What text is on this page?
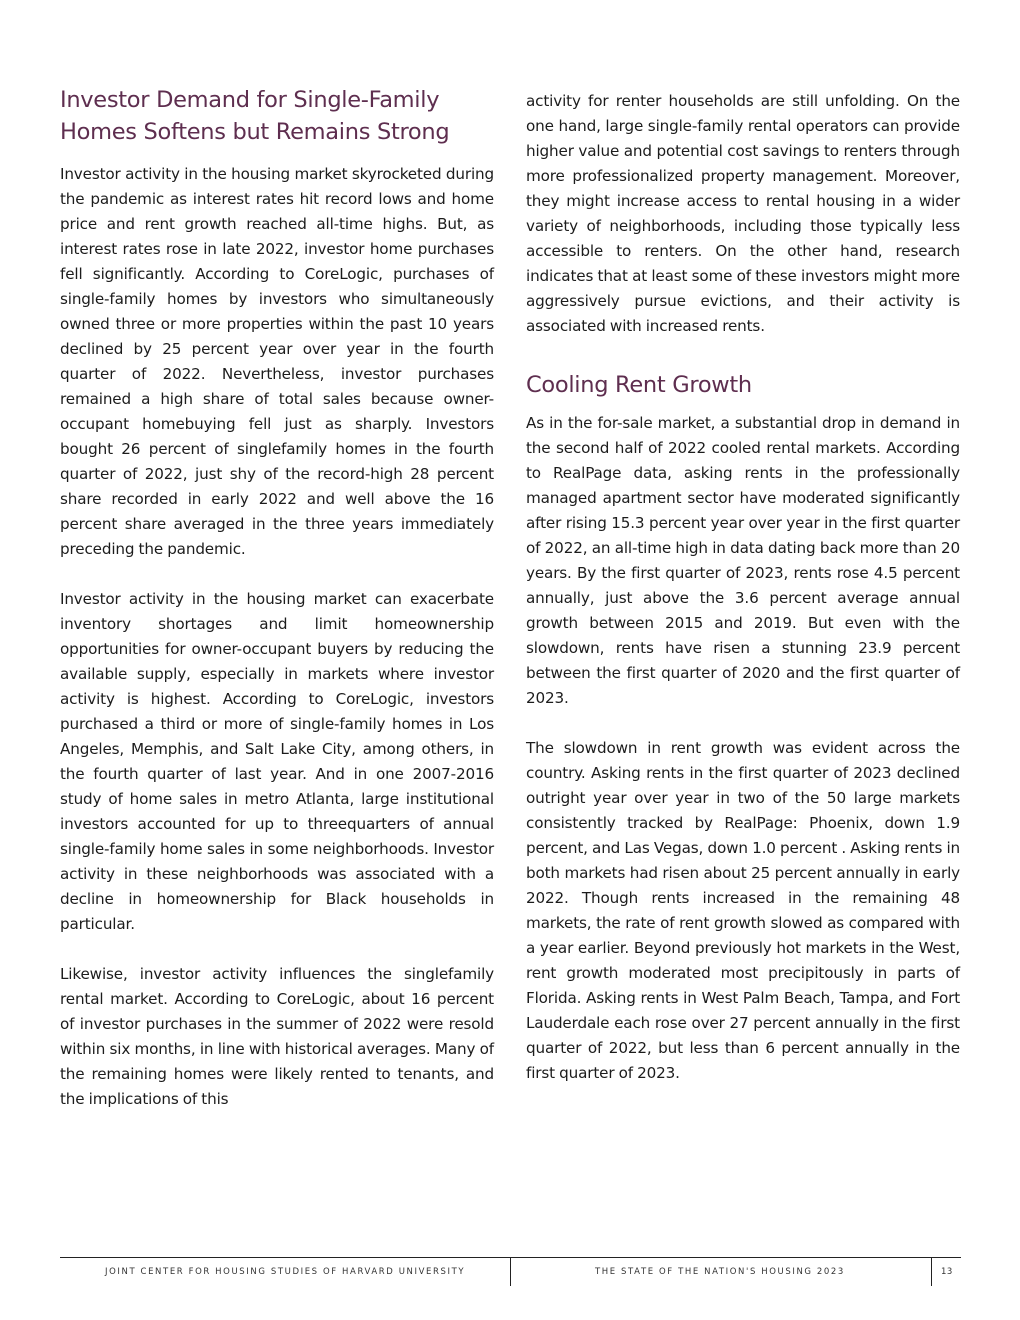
Investor Demand for Single-Family Homes Softens but Remains Strong

Investor activity in the housing market skyrocketed during the pandemic as interest rates hit record lows and home price and rent growth reached all-time highs. But, as interest rates rose in late 2022, investor home purchases fell significantly. According to CoreLogic, purchases of single-family homes by investors who simultaneously owned three or more properties within the past 10 years declined by 25 percent year over year in the fourth quarter of 2022. Nevertheless, investor purchases remained a high share of total sales because owner-occupant homebuying fell just as sharply. Investors bought 26 percent of singlefamily homes in the fourth quarter of 2022, just shy of the record-high 28 percent share recorded in early 2022 and well above the 16 percent share averaged in the three years immediately preceding the pandemic.

Investor activity in the housing market can exacerbate inventory shortages and limit homeownership opportunities for owner-occupant buyers by reducing the available supply, especially in markets where investor activity is highest. According to CoreLogic, investors purchased a third or more of single-family homes in Los Angeles, Memphis, and Salt Lake City, among others, in the fourth quarter of last year. And in one 2007-2016 study of home sales in metro Atlanta, large institutional investors accounted for up to threequarters of annual single-family home sales in some neighborhoods. Investor activity in these neighborhoods was associated with a decline in homeownership for Black households in particular.

Likewise, investor activity influences the singlefamily rental market. According to CoreLogic, about 16 percent of investor purchases in the summer of 2022 were resold within six months, in line with historical averages. Many of the remaining homes were likely rented to tenants, and the implications of this

activity for renter households are still unfolding. On the one hand, large single-family rental operators can provide higher value and potential cost savings to renters through more professionalized property management. Moreover, they might increase access to rental housing in a wider variety of neighborhoods, including those typically less accessible to renters. On the other hand, research indicates that at least some of these investors might more aggressively pursue evictions, and their activity is associated with increased rents.

Cooling Rent Growth

As in the for-sale market, a substantial drop in demand in the second half of 2022 cooled rental markets. According to RealPage data, asking rents in the professionally managed apartment sector have moderated significantly after rising 15.3 percent year over year in the first quarter of 2022, an all-time high in data dating back more than 20 years. By the first quarter of 2023, rents rose 4.5 percent annually, just above the 3.6 percent average annual growth between 2015 and 2019. But even with the slowdown, rents have risen a stunning 23.9 percent between the first quarter of 2020 and the first quarter of 2023.

The slowdown in rent growth was evident across the country. Asking rents in the first quarter of 2023 declined outright year over year in two of the 50 large markets consistently tracked by RealPage: Phoenix, down 1.9 percent, and Las Vegas, down 1.0 percent . Asking rents in both markets had risen about 25 percent annually in early 2022. Though rents increased in the remaining 48 markets, the rate of rent growth slowed as compared with a year earlier. Beyond previously hot markets in the West, rent growth moderated most precipitously in parts of Florida. Asking rents in West Palm Beach, Tampa, and Fort Lauderdale each rose over 27 percent annually in the first quarter of 2022, but less than 6 percent annually in the first quarter of 2023.

JOINT CENTER FOR HOUSING STUDIES OF HARVARD UNIVERSITY	THE STATE OF THE NATION'S HOUSING 2023	13
